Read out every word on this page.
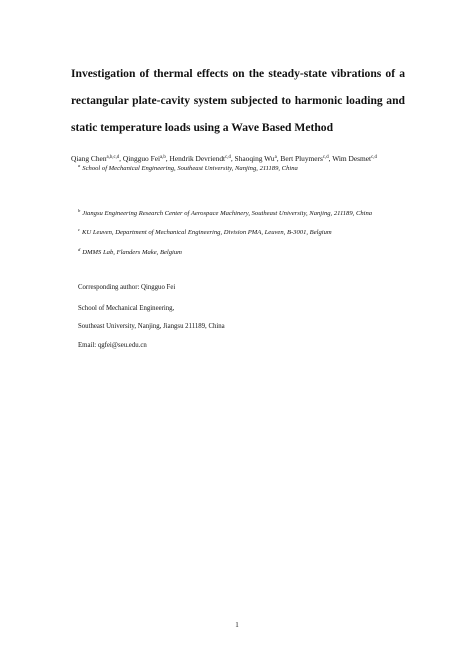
Investigation of thermal effects on the steady-state vibrations of a
rectangular plate-cavity system subjected to harmonic loading and
static temperature loads using a Wave Based Method

Qiang Chen$^{a,b,c,d}$, Qingguo Fei$^{a,b}$, Hendrik Devriendt$^{c,d}$, Shaoqing Wu$^a$, Bert Pluymers$^{c,d}$, Wim Desmet$^{c,d}$

$^a$ School of Mechanical Engineering, Southeast University, Nanjing, 211189, China
$^b$ Jiangsu Engineering Research Center of Aerospace Machinery, Southeast University, Nanjing, 211189, China
$^c$ KU Leuven, Department of Mechanical Engineering, Division PMA, Leuven, B-3001, Belgium
$^d$ DMMS Lab, Flanders Make, Belgium
Corresponding author: Qingguo Fei
School of Mechanical Engineering,
Southeast University, Nanjing, Jiangsu 211189, China
Email: qgfei@seu.edu.cn
1
